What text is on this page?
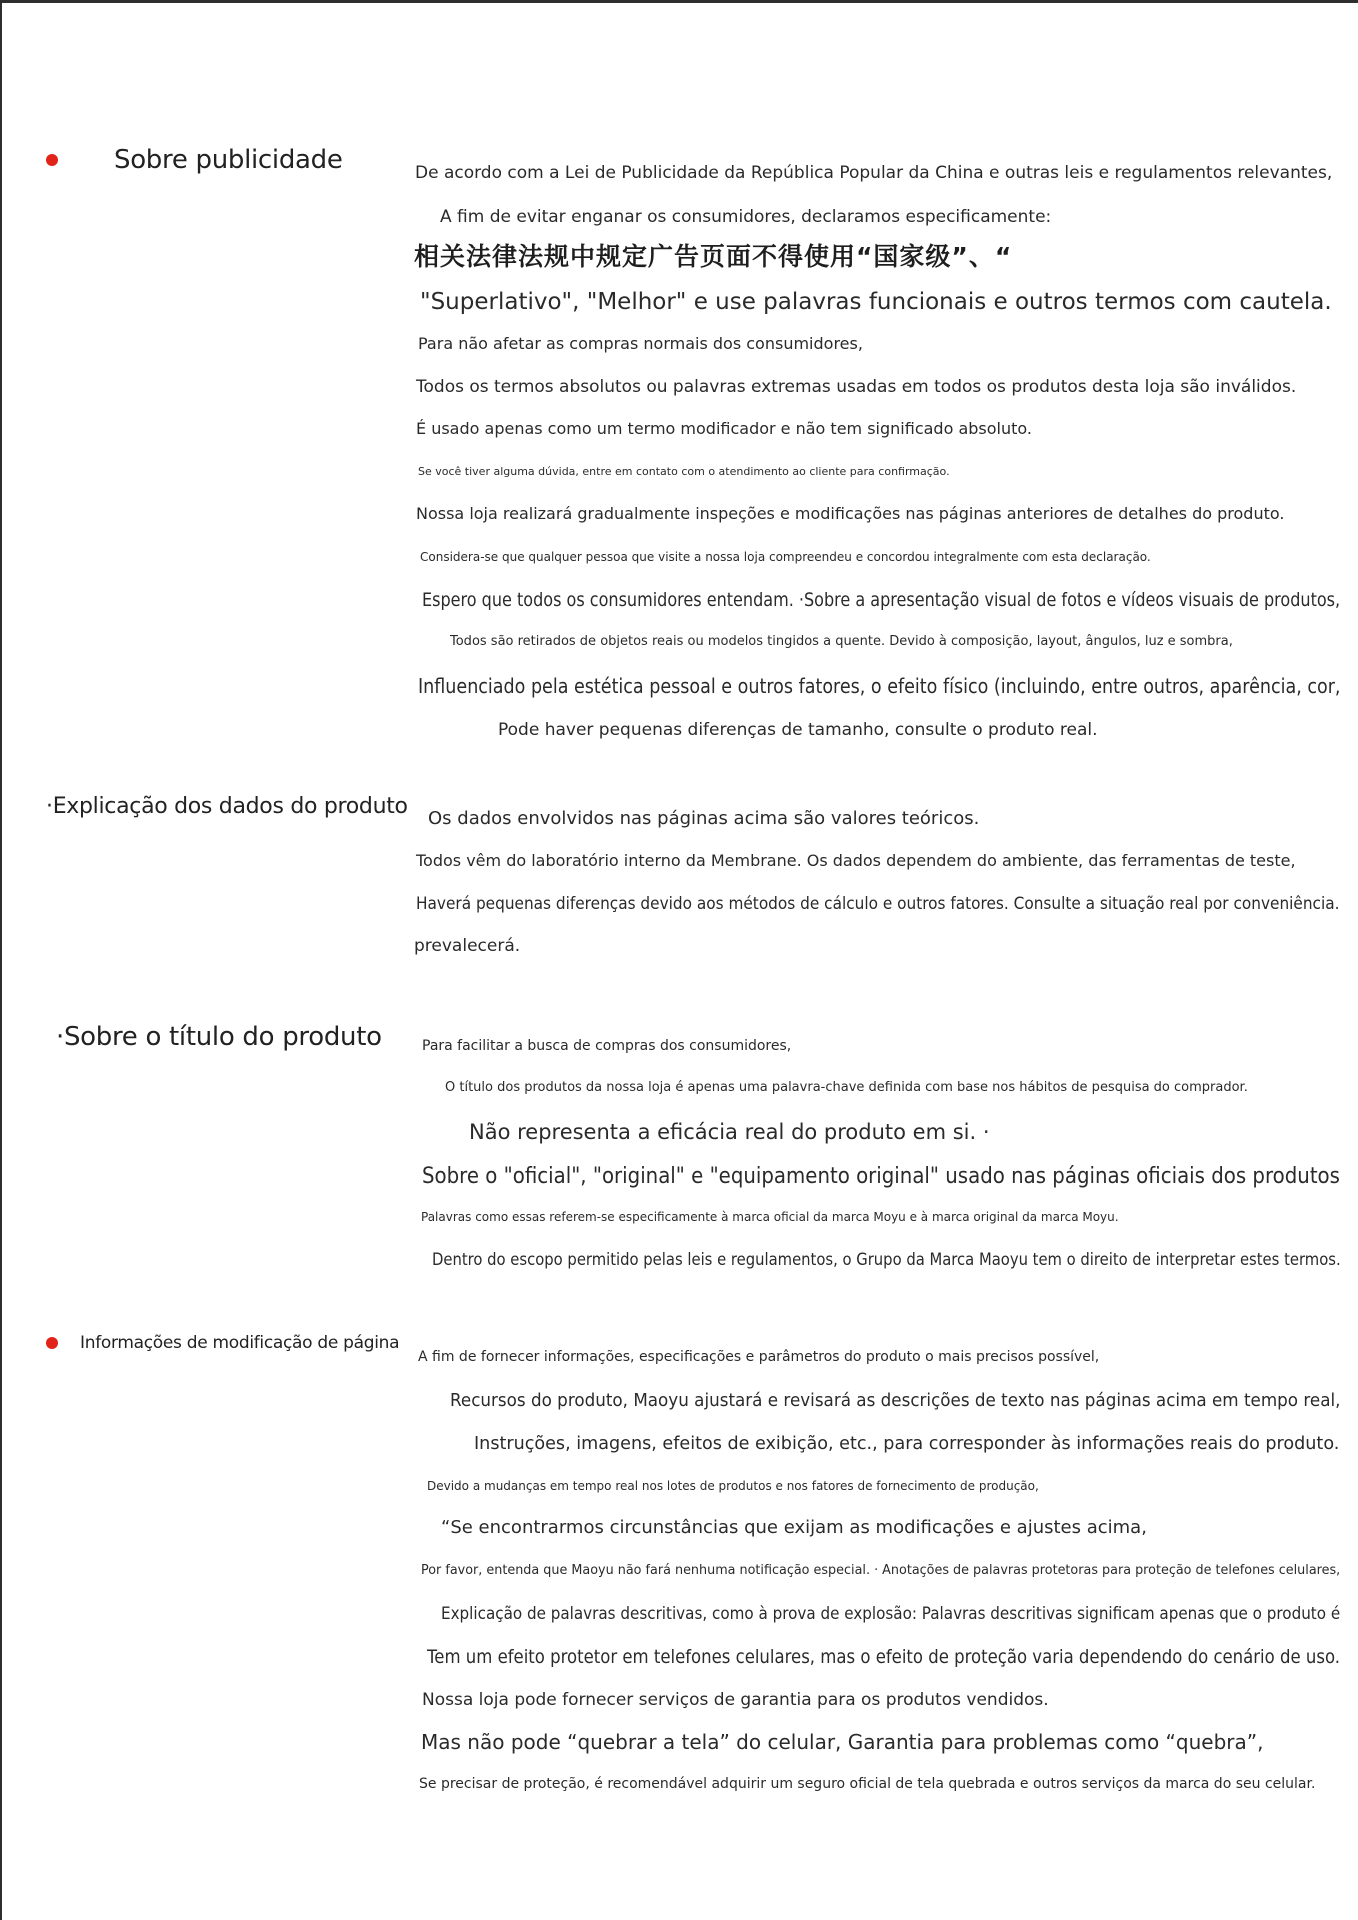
Sobre publicidade	De acordo com a Lei de Publicidade da República Popular da China e outras leis e regulamentos relevantes,
A fim de evitar enganar os consumidores, declaramos especificamente:
相关法律法规中规定广告页面不得使用“国家级”、“
"Superlativo", "Melhor" e use palavras funcionais e outros termos com cautela.
Para não afetar as compras normais dos consumidores,
Todos os termos absolutos ou palavras extremas usadas em todos os produtos desta loja são inválidos.
É usado apenas como um termo modificador e não tem significado absoluto.
Se você tiver alguma dúvida, entre em contato com o atendimento ao cliente para confirmação.
Nossa loja realizará gradualmente inspeções e modificações nas páginas anteriores de detalhes do produto.
Considera-se que qualquer pessoa que visite a nossa loja compreendeu e concordou integralmente com esta declaração.
Espero que todos os consumidores entendam. ·Sobre a apresentação visual de fotos e vídeos visuais de produtos,
Todos são retirados de objetos reais ou modelos tingidos a quente. Devido à composição, layout, ângulos, luz e sombra,
Influenciado pela estética pessoal e outros fatores, o efeito físico (incluindo, entre outros, aparência, cor,
Pode haver pequenas diferenças de tamanho, consulte o produto real.
·Explicação dos dados do produto
Os dados envolvidos nas páginas acima são valores teóricos.
Todos vêm do laboratório interno da Membrane. Os dados dependem do ambiente, das ferramentas de teste,
Haverá pequenas diferenças devido aos métodos de cálculo e outros fatores. Consulte a situação real por conveniência.
prevalecerá.
·Sobre o título do produto	Para facilitar a busca de compras dos consumidores,
O título dos produtos da nossa loja é apenas uma palavra-chave definida com base nos hábitos de pesquisa do comprador.
Não representa a eficácia real do produto em si. ·
Sobre o "oficial", "original" e "equipamento original" usado nas páginas oficiais dos produtos
Palavras como essas referem-se especificamente à marca oficial da marca Moyu e à marca original da marca Moyu.
Dentro do escopo permitido pelas leis e regulamentos, o Grupo da Marca Maoyu tem o direito de interpretar estes termos.
Informações de modificação de página
A fim de fornecer informações, especificações e parâmetros do produto o mais precisos possível,
Recursos do produto, Maoyu ajustará e revisará as descrições de texto nas páginas acima em tempo real,
Instruções, imagens, efeitos de exibição, etc., para corresponder às informações reais do produto.
Devido a mudanças em tempo real nos lotes de produtos e nos fatores de fornecimento de produção,
“Se encontrarmos circunstâncias que exijam as modificações e ajustes acima,
Por favor, entenda que Maoyu não fará nenhuma notificação especial. · Anotações de palavras protetoras para proteção de telefones celulares,
Explicação de palavras descritivas, como à prova de explosão: Palavras descritivas significam apenas que o produto é
Tem um efeito protetor em telefones celulares, mas o efeito de proteção varia dependendo do cenário de uso.
Nossa loja pode fornecer serviços de garantia para os produtos vendidos.
Mas não pode “quebrar a tela” do celular, Garantia para problemas como “quebra”,
Se precisar de proteção, é recomendável adquirir um seguro oficial de tela quebrada e outros serviços da marca do seu celular.
